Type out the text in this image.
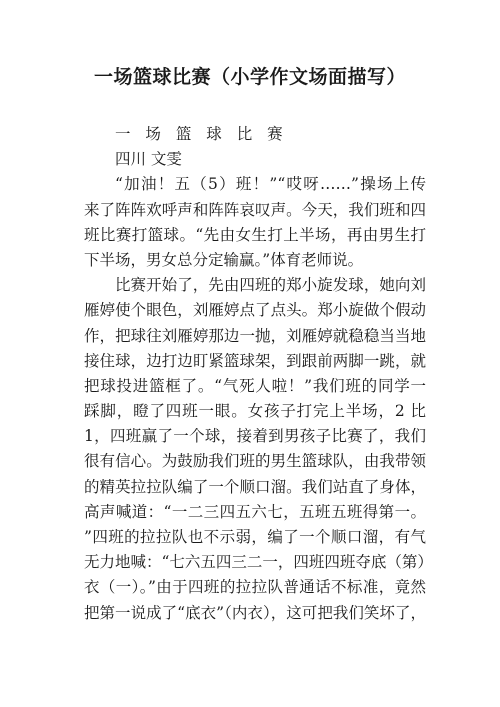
一场篮球比赛（小学作文场面描写）
一 场 篮 球 比 赛
四川 文雯
“加油！五（5）班！”“哎呀……”操场上传
来了阵阵欢呼声和阵阵哀叹声。今天，我们班和四
班比赛打篮球。“先由女生打上半场，再由男生打
下半场，男女总分定输赢。”体育老师说。
比赛开始了，先由四班的郑小旋发球，她向刘
雁婷使个眼色，刘雁婷点了点头。郑小旋做个假动
作，把球往刘雁婷那边一抛，刘雁婷就稳稳当当地
接住球，边打边盯紧篮球架，到跟前两脚一跳，就
把球投进篮框了。“气死人啦！”我们班的同学一
踩脚，瞪了四班一眼。女孩子打完上半场，2 比
1，四班赢了一个球，接着到男孩子比赛了，我们
很有信心。为鼓励我们班的男生篮球队，由我带领
的精英拉拉队编了一个顺口溜。我们站直了身体，
高声喊道：“一二三四五六七，五班五班得第一。
”四班的拉拉队也不示弱，编了一个顺口溜，有气
无力地喊：“七六五四三二一，四班四班夺底（第）
衣（一）。”由于四班的拉拉队普通话不标准，竟然
把第一说成了“底衣”（内衣），这可把我们笑坏了，
